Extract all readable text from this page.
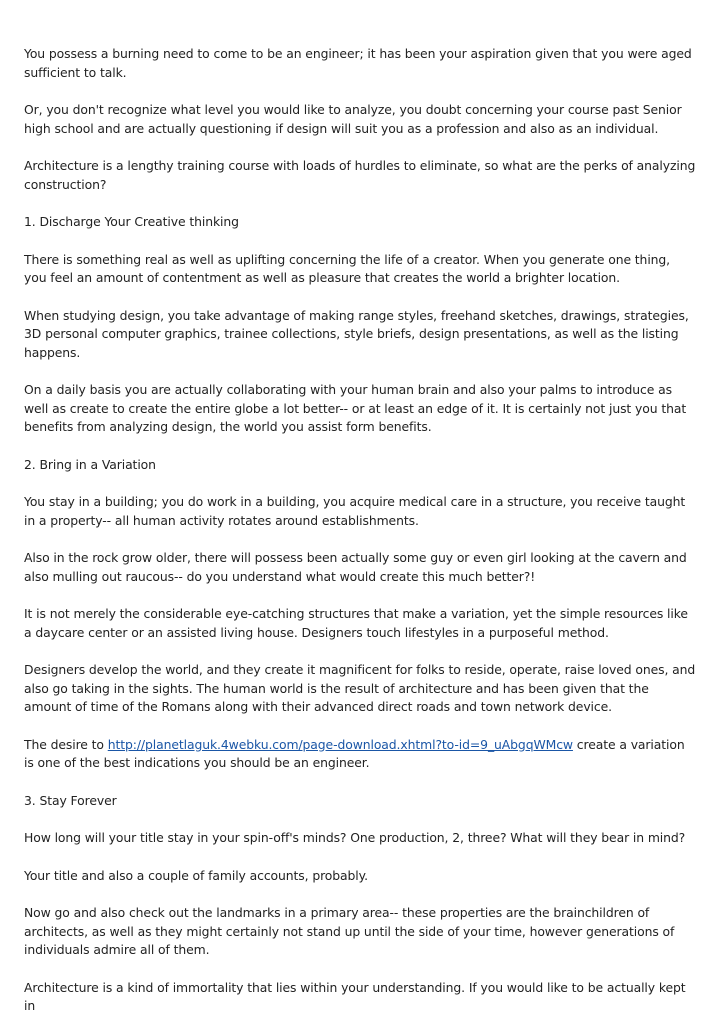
You possess a burning need to come to be an engineer; it has been your aspiration given that you were aged sufficient to talk.

Or, you don't recognize what level you would like to analyze, you doubt concerning your course past Senior high school and are actually questioning if design will suit you as a profession and also as an individual.

Architecture is a lengthy training course with loads of hurdles to eliminate, so what are the perks of analyzing construction?

1. Discharge Your Creative thinking

There is something real as well as uplifting concerning the life of a creator. When you generate one thing, you feel an amount of contentment as well as pleasure that creates the world a brighter location.

When studying design, you take advantage of making range styles, freehand sketches, drawings, strategies, 3D personal computer graphics, trainee collections, style briefs, design presentations, as well as the listing happens.

On a daily basis you are actually collaborating with your human brain and also your palms to introduce as well as create to create the entire globe a lot better-- or at least an edge of it. It is certainly not just you that benefits from analyzing design, the world you assist form benefits.

2. Bring in a Variation

You stay in a building; you do work in a building, you acquire medical care in a structure, you receive taught in a property-- all human activity rotates around establishments.

Also in the rock grow older, there will possess been actually some guy or even girl looking at the cavern and also mulling out raucous-- do you understand what would create this much better?!

It is not merely the considerable eye-catching structures that make a variation, yet the simple resources like a daycare center or an assisted living house. Designers touch lifestyles in a purposeful method.

Designers develop the world, and they create it magnificent for folks to reside, operate, raise loved ones, and also go taking in the sights. The human world is the result of architecture and has been given that the amount of time of the Romans along with their advanced direct roads and town network device.

The desire to http://planetlaguk.4webku.com/page-download.xhtml?to-id=9_uAbgqWMcw create a variation is one of the best indications you should be an engineer.

3. Stay Forever

How long will your title stay in your spin-off's minds? One production, 2, three? What will they bear in mind?

Your title and also a couple of family accounts, probably.

Now go and also check out the landmarks in a primary area-- these properties are the brainchildren of architects, as well as they might certainly not stand up until the side of your time, however generations of individuals admire all of them.

Architecture is a kind of immortality that lies within your understanding. If you would like to be actually kept in
